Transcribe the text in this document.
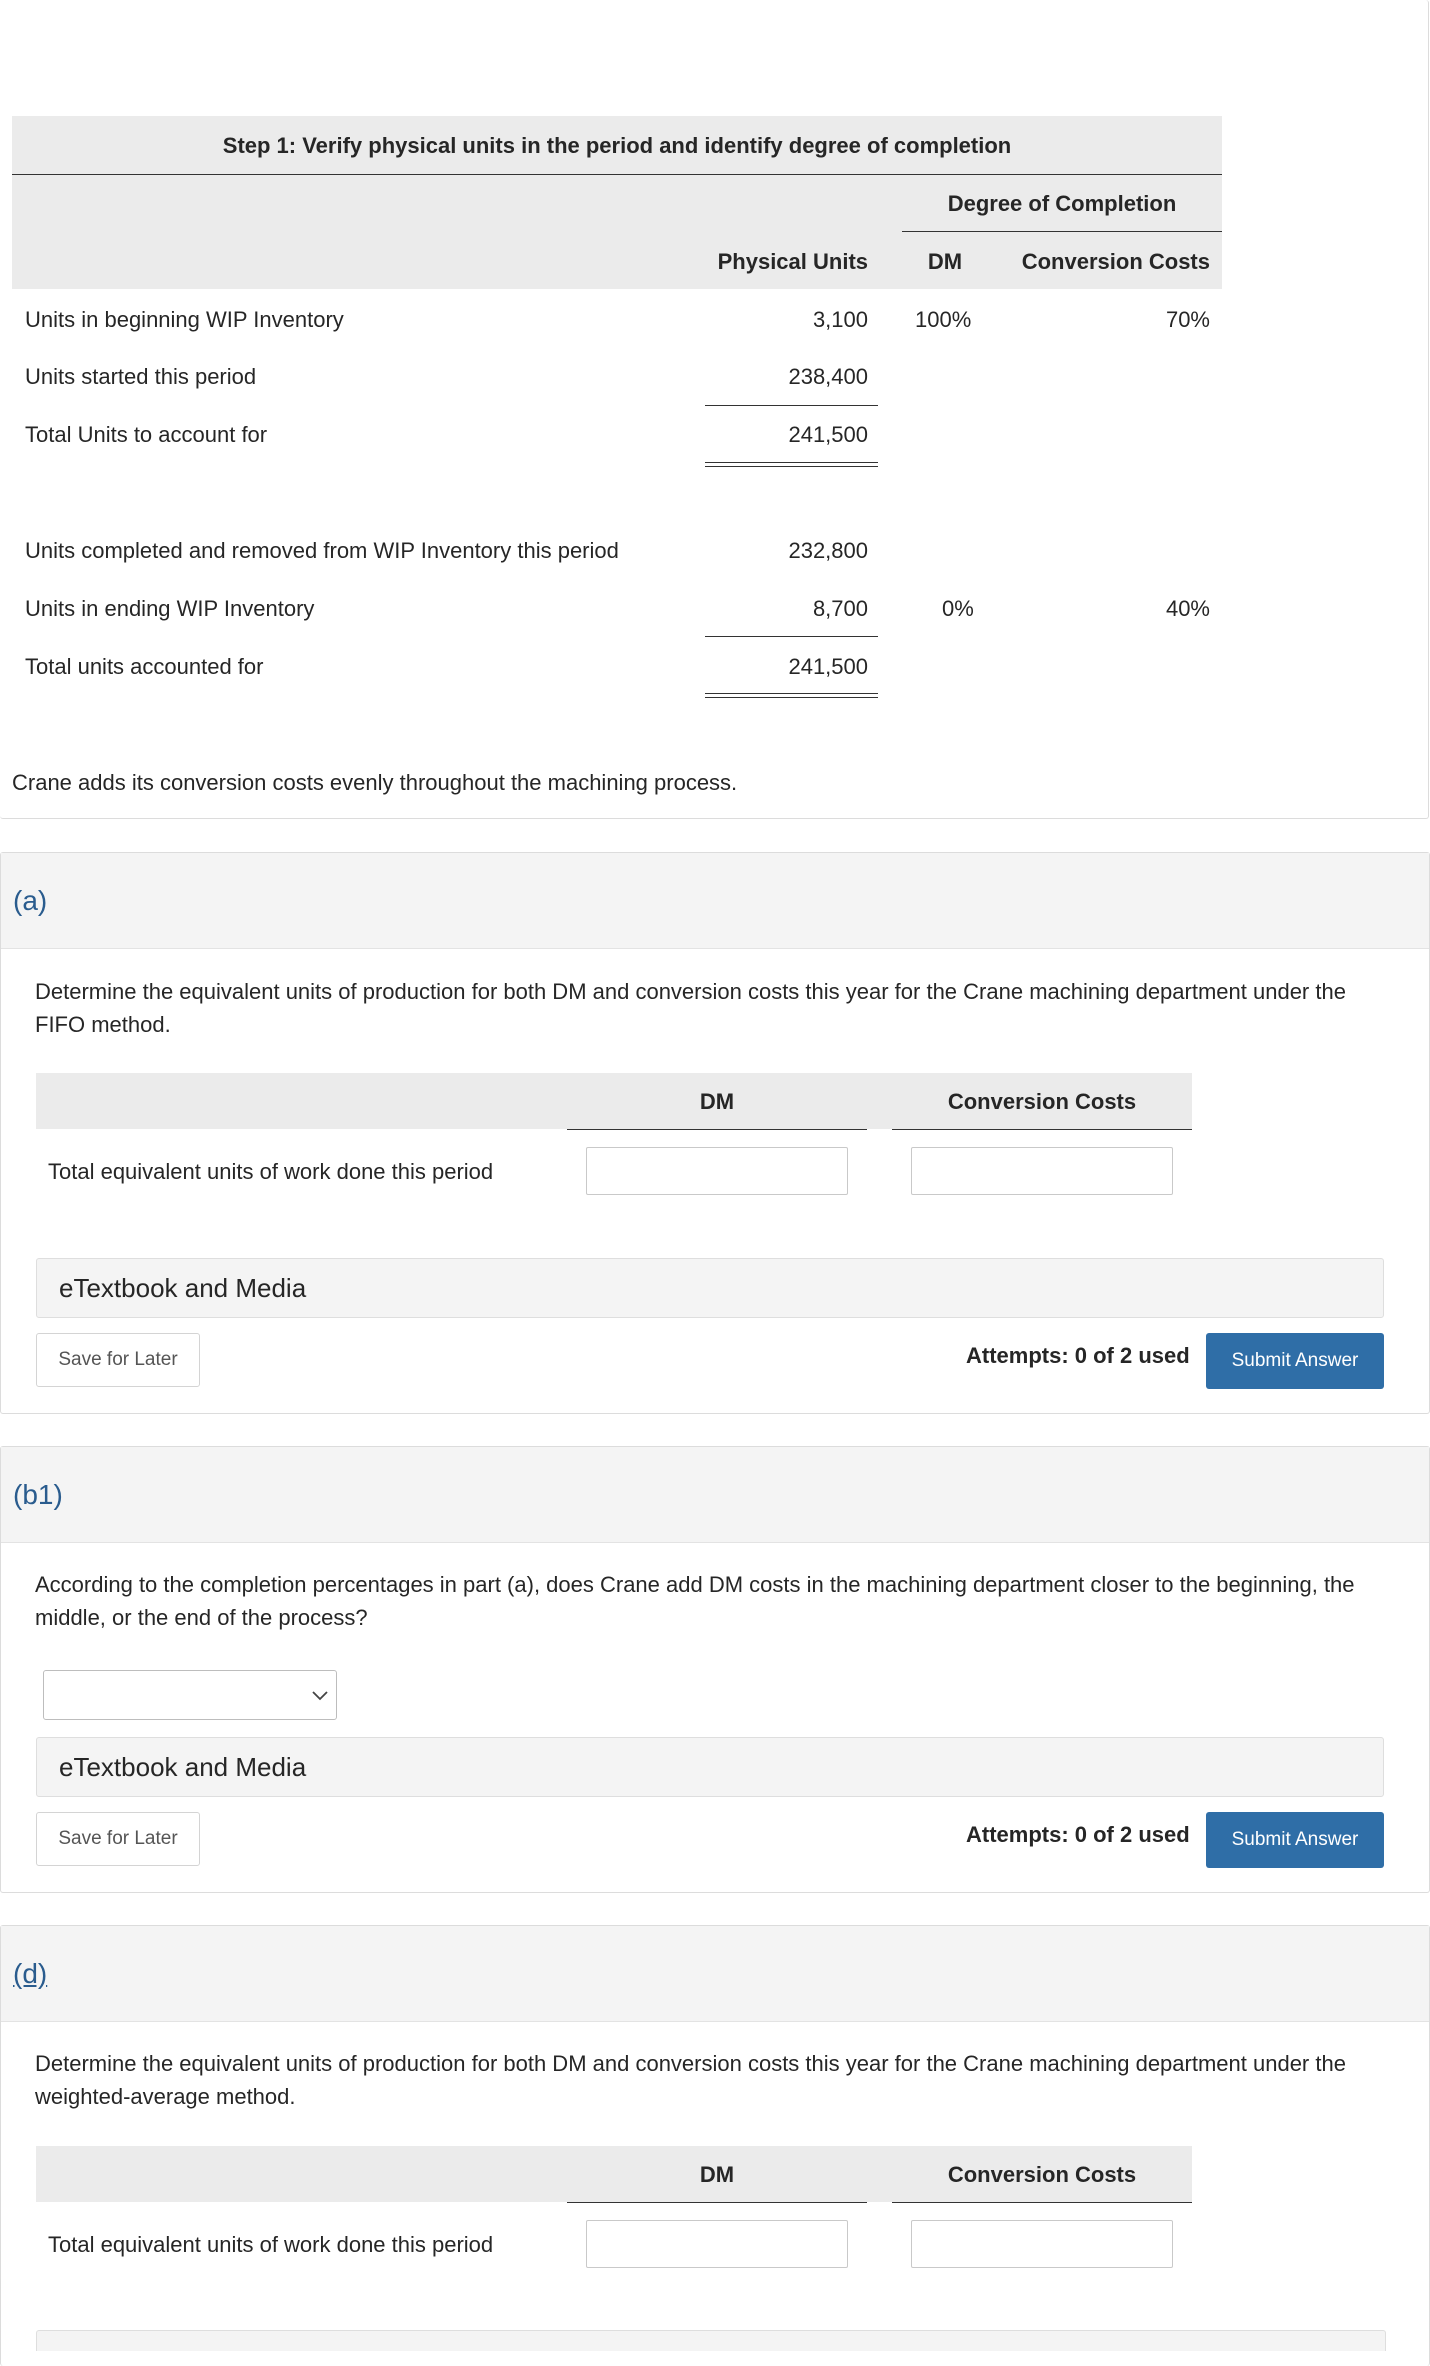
Step 1: Verify physical units in the period and identify degree of completion
Degree of Completion
Physical Units	DM	Conversion Costs
Units in beginning WIP Inventory	3,100 100%	70%
Units started this period	238,400
Total Units to account for	241,500
Units completed and removed from WIP Inventory this period	232,800
Units in ending WIP Inventory	8,700	0%	40%
Total units accounted for	241,500
Crane adds its conversion costs evenly throughout the machining process.
(a)
Determine the equivalent units of production for both DM and conversion costs this year for the Crane machining department under the FIFO method.
DM	Conversion Costs
Total equivalent units of work done this period
eTextbook and Media
Save for Later	Attempts: 0 of 2 used	Submit Answer
(b1)
According to the completion percentages in part (a), does Crane add DM costs in the machining department closer to the beginning, the middle, or the end of the process?
eTextbook and Media
Save for Later	Attempts: 0 of 2 used	Submit Answer
(d)
Determine the equivalent units of production for both DM and conversion costs this year for the Crane machining department under the weighted-average method.
DM	Conversion Costs
Total equivalent units of work done this period
